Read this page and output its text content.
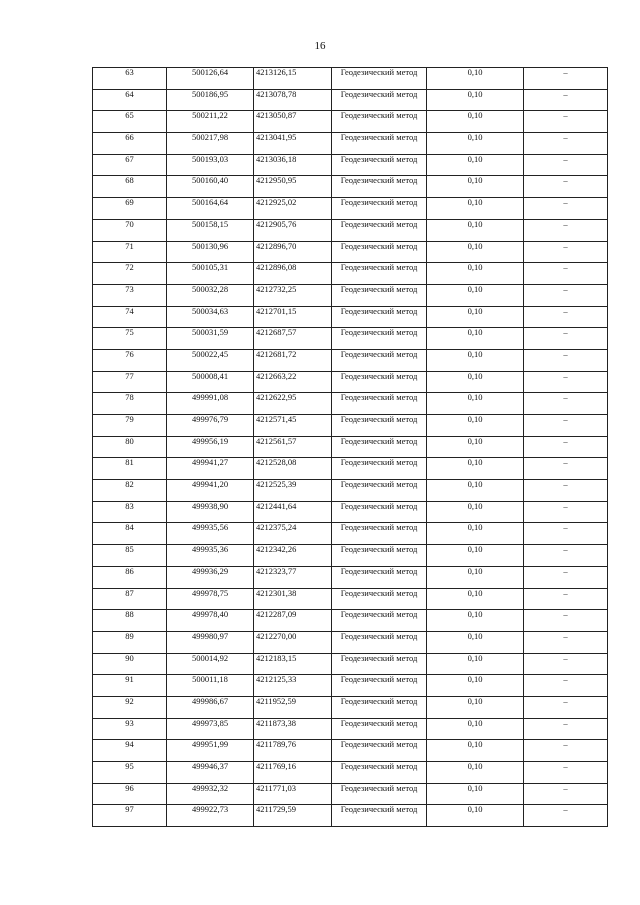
16
63	500126,64	4213126,15	Геодезический метод	0,10	–
64	500186,95	4213078,78	Геодезический метод	0,10	–
65	500211,22	4213050,87	Геодезический метод	0,10	–
66	500217,98	4213041,95	Геодезический метод	0,10	–
67	500193,03	4213036,18	Геодезический метод	0,10	–
68	500160,40	4212950,95	Геодезический метод	0,10	–
69	500164,64	4212925,02	Геодезический метод	0,10	–
70	500158,15	4212905,76	Геодезический метод	0,10	–
71	500130,96	4212896,70	Геодезический метод	0,10	–
72	500105,31	4212896,08	Геодезический метод	0,10	–
73	500032,28	4212732,25	Геодезический метод	0,10	–
74	500034,63	4212701,15	Геодезический метод	0,10	–
75	500031,59	4212687,57	Геодезический метод	0,10	–
76	500022,45	4212681,72	Геодезический метод	0,10	–
77	500008,41	4212663,22	Геодезический метод	0,10	–
78	499991,08	4212622,95	Геодезический метод	0,10	–
79	499976,79	4212571,45	Геодезический метод	0,10	–
80	499956,19	4212561,57	Геодезический метод	0,10	–
81	499941,27	4212528,08	Геодезический метод	0,10	–
82	499941,20	4212525,39	Геодезический метод	0,10	–
83	499938,90	4212441,64	Геодезический метод	0,10	–
84	499935,56	4212375,24	Геодезический метод	0,10	–
85	499935,36	4212342,26	Геодезический метод	0,10	–
86	499936,29	4212323,77	Геодезический метод	0,10	–
87	499978,75	4212301,38	Геодезический метод	0,10	–
88	499978,40	4212287,09	Геодезический метод	0,10	–
89	499980,97	4212270,00	Геодезический метод	0,10	–
90	500014,92	4212183,15	Геодезический метод	0,10	–
91	500011,18	4212125,33	Геодезический метод	0,10	–
92	499986,67	4211952,59	Геодезический метод	0,10	–
93	499973,85	4211873,38	Геодезический метод	0,10	–
94	499951,99	4211789,76	Геодезический метод	0,10	–
95	499946,37	4211769,16	Геодезический метод	0,10	–
96	499932,32	4211771,03	Геодезический метод	0,10	–
97	499922,73	4211729,59	Геодезический метод	0,10	–
